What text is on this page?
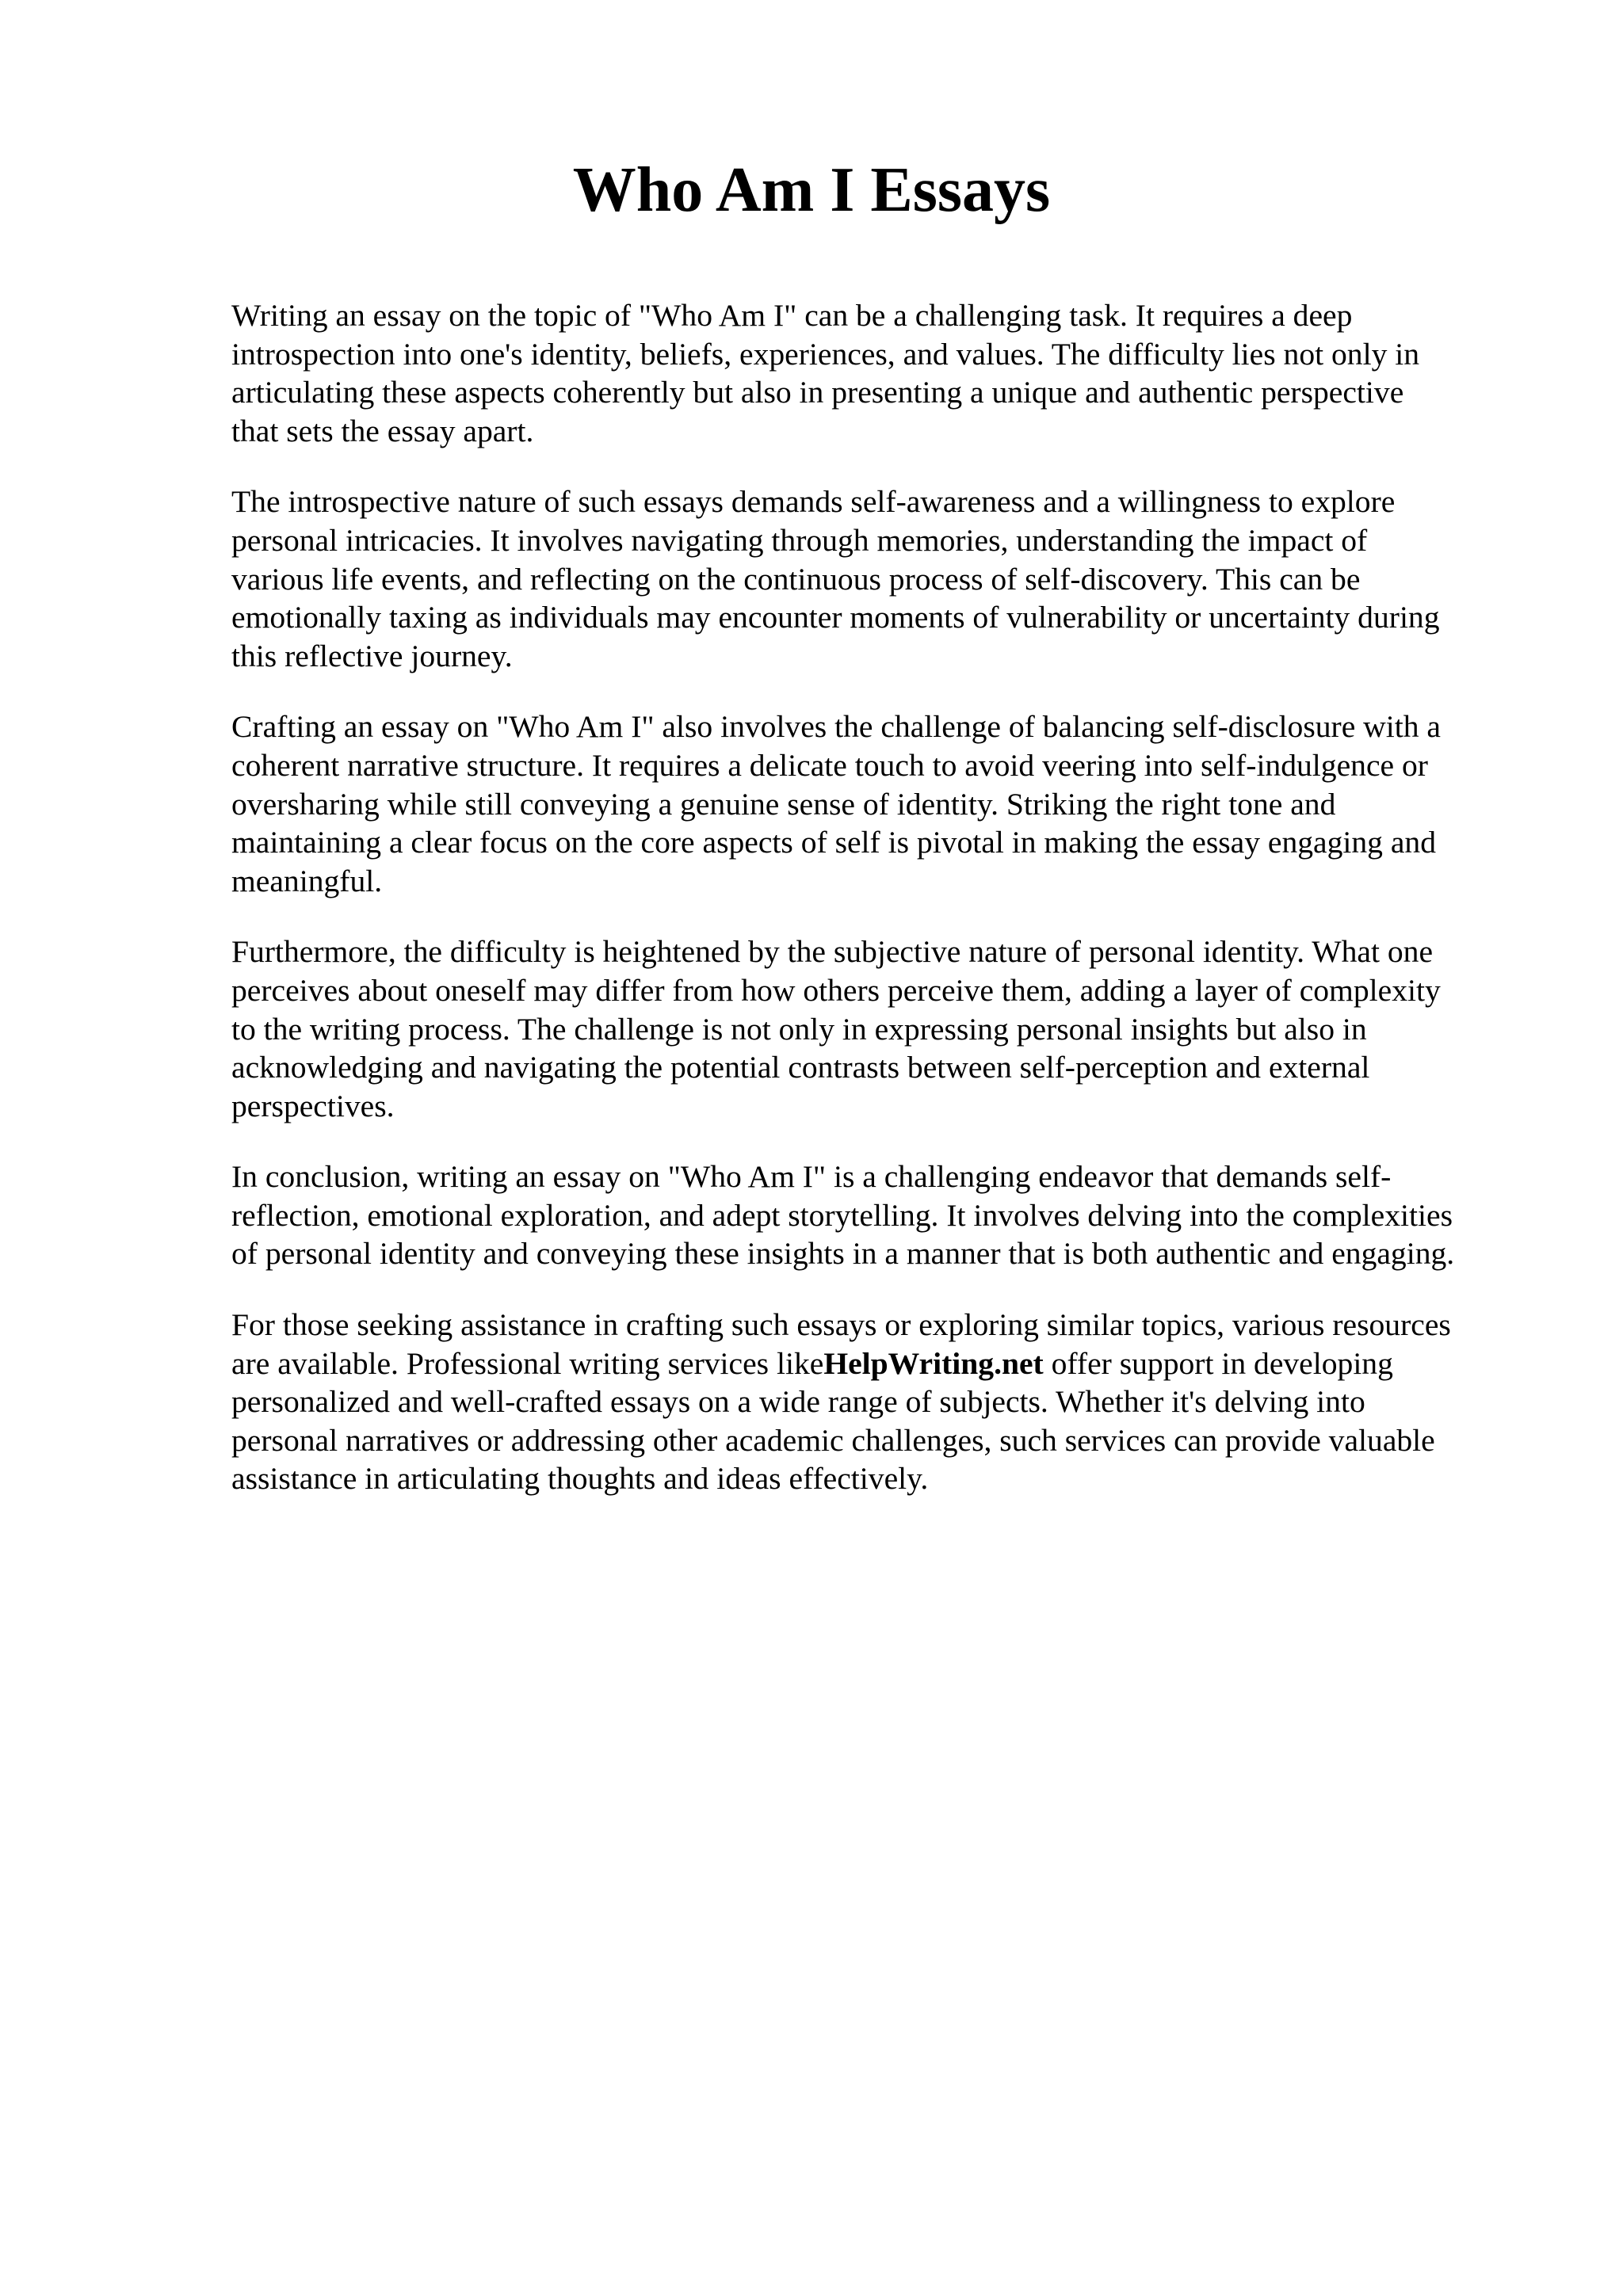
Who Am I Essays

Writing an essay on the topic of "Who Am I" can be a challenging task. It requires a deep
introspection into one's identity, beliefs, experiences, and values. The difficulty lies not only in
articulating these aspects coherently but also in presenting a unique and authentic perspective
that sets the essay apart.

The introspective nature of such essays demands self-awareness and a willingness to explore
personal intricacies. It involves navigating through memories, understanding the impact of
various life events, and reflecting on the continuous process of self-discovery. This can be
emotionally taxing as individuals may encounter moments of vulnerability or uncertainty during
this reflective journey.

Crafting an essay on "Who Am I" also involves the challenge of balancing self-disclosure with a
coherent narrative structure. It requires a delicate touch to avoid veering into self-indulgence or
oversharing while still conveying a genuine sense of identity. Striking the right tone and
maintaining a clear focus on the core aspects of self is pivotal in making the essay engaging and
meaningful.

Furthermore, the difficulty is heightened by the subjective nature of personal identity. What one
perceives about oneself may differ from how others perceive them, adding a layer of complexity
to the writing process. The challenge is not only in expressing personal insights but also in
acknowledging and navigating the potential contrasts between self-perception and external
perspectives.

In conclusion, writing an essay on "Who Am I" is a challenging endeavor that demands self-
reflection, emotional exploration, and adept storytelling. It involves delving into the complexities
of personal identity and conveying these insights in a manner that is both authentic and engaging.

For those seeking assistance in crafting such essays or exploring similar topics, various resources
are available. Professional writing services likeHelpWriting.net offer support in developing
personalized and well-crafted essays on a wide range of subjects. Whether it's delving into
personal narratives or addressing other academic challenges, such services can provide valuable
assistance in articulating thoughts and ideas effectively.
